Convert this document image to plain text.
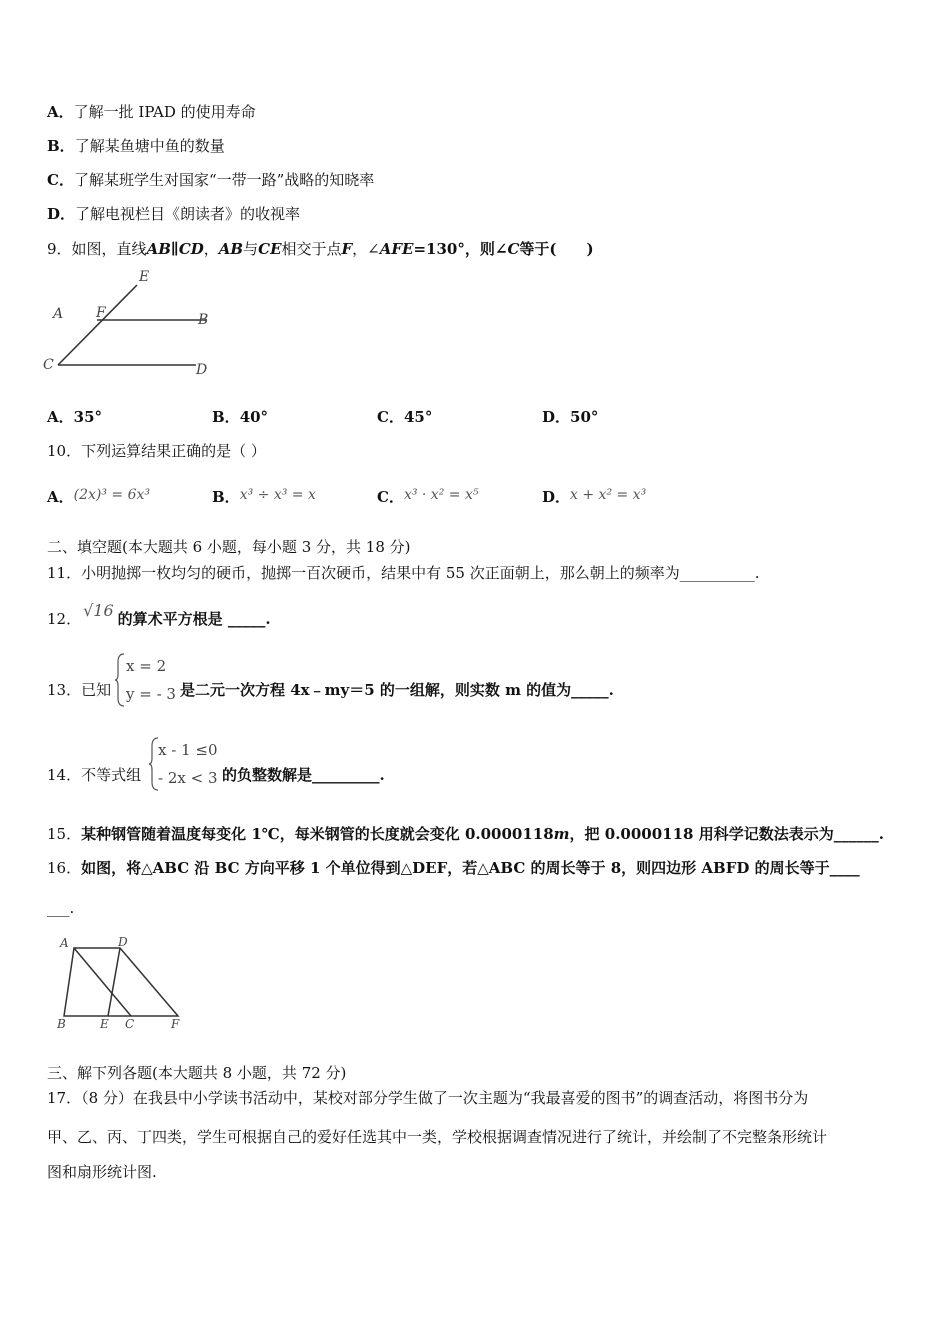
A．了解一批 IPAD 的使用寿命
B．了解某鱼塘中鱼的数量
C．了解某班学生对国家“一带一路”战略的知晓率
D．了解电视栏目《朗读者》的收视率
9．如图，直线AB∥CD，AB与CE相交于点F，∠AFE=130°，则∠C等于(　　)
E
A F	B
C	D
A．35°	B．40°	C．45°	D．50°
10．下列运算结果正确的是（ ）
A．(2x)³ = 6x³	B．x³ ÷ x³ = x	C．x³ · x² = x⁵	D．x + x² = x³
二、填空题(本大题共 6 小题，每小题 3 分，共 18 分)
11．小明抛掷一枚均匀的硬币，抛掷一百次硬币，结果中有 55 次正面朝上，那么朝上的频率为__________.
12． √16 的算术平方根是 _____.
13．已知
x = 2
y = - 3 是二元一次方程 4x﹣my＝5 的一组解，则实数 m 的值为_____.
14．不等式组
x - 1 ≤0
- 2x < 3 的负整数解是_________.
15．某种钢管随着温度每变化 1℃，每米钢管的长度就会变化 0.0000118m，把 0.0000118 用科学记数法表示为______.
16．如图，将△ABC 沿 BC 方向平移 1 个单位得到△DEF，若△ABC 的周长等于 8，则四边形 ABFD 的周长等于____
___.
A	D
B	E C	F
三、解下列各题(本大题共 8 小题，共 72 分)
17．（8 分）在我县中小学读书活动中，某校对部分学生做了一次主题为“我最喜爱的图书”的调查活动，将图书分为
甲、乙、丙、丁四类，学生可根据自己的爱好任选其中一类，学校根据调查情况进行了统计，并绘制了不完整条形统计
图和扇形统计图.
